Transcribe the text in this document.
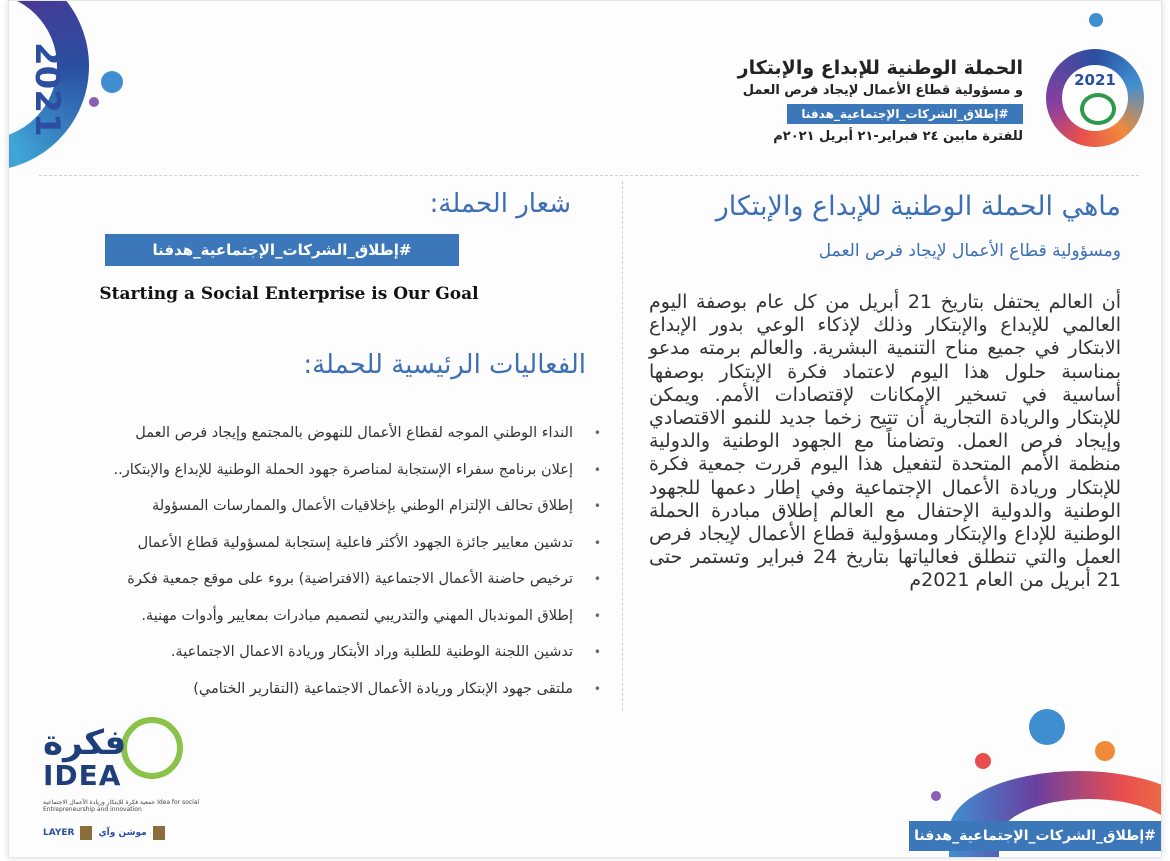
2021	الحملة الوطنية للإبداع والإبتكار
و مسؤولية قطاع الأعمال لإيجاد فرص العمل
#إطلاق_الشركات_الإجتماعية_هدفنا
للفترة مابين ٢٤ فبراير-٢١ أبريل ٢٠٢١م
2021
شعار الحملة:
#إطلاق_الشركات_الإجتماعية_هدفنا
Starting a Social Enterprise is Our Goal
الفعاليات الرئيسية للحملة:
•النداء الوطني الموجه لقطاع الأعمال للنهوض بالمجتمع وإيجاد فرص العمل
•إعلان برنامج سفراء الإستجابة لمناصرة جهود الحملة الوطنية للإبداع والإبتكار..
•إطلاق تحالف الإلتزام الوطني بإخلاقيات الأعمال والممارسات المسؤولة
•تدشين معايير جائزة الجهود الأكثر فاعلية إستجابة لمسؤولية قطاع الأعمال
•ترخيص حاضنة الأعمال الاجتماعية (الافتراضية) بروء على موقع جمعية فكرة
•إطلاق الموندبال المهني والتدريبي لتصميم مبادرات بمعايير وأدوات مهنية.
•تدشين اللجنة الوطنية للطلبة وراد الأبتكار وريادة الاعمال الاجتماعية.
•ملتقى جهود الإبتكار وريادة الأعمال الاجتماعية (التقارير الختامي)
ماهي الحملة الوطنية للإبداع والإبتكار
ومسؤولية قطاع الأعمال لإيجاد فرص العمل
أن العالم يحتفل بتاريخ 21 أبريل من كل عام بوصفة اليوم العالمي للإبداع والإبتكار وذلك لإذكاء الوعي بدور الإبداع الابتكار في جميع مناح التنمية البشرية. والعالم برمته مدعو بمناسبة حلول هذا اليوم لاعتماد فكرة الإبتكار بوصفها أساسية في تسخير الإمكانات لإقتصادات الأمم. ويمكن للإبتكار والريادة التجارية أن تتيح زخما جديد للنمو الاقتصادي وإيجاد فرص العمل. وتضامناً مع الجهود الوطنية والدولية منظمة الأمم المتحدة لتفعيل هذا اليوم قررت جمعية فكرة للإبتكار وريادة الأعمال الإجتماعية وفي إطار دعمها للجهود الوطنية والدولية الإحتفال مع العالم إطلاق مبادرة الحملة الوطنية للإداع والإبتكار ومسؤولية قطاع الأعمال لإيجاد فرص العمل والتي تنطلق فعالياتها بتاريخ 24 فبراير وتستمر حتى 21 أبريل من العام 2021م
فكرة
IDEA
جمعية فكرة للإبتكار وريادة الأعمال الاجتماعية Idea for social Entrepreneurship and innovation
LAYER	موشن وآي	#إطلاق_الشركات_الإجتماعية_هدفنا
